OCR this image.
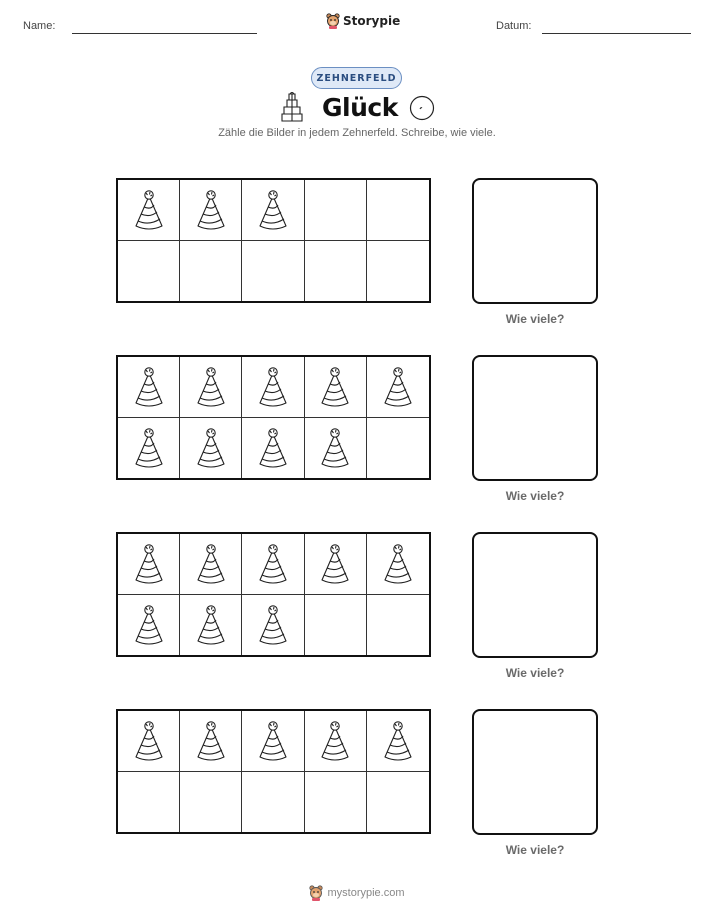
Name:	Storypie	Datum:
ZEHNERFELD
Glück
Zähle die Bilder in jedem Zehnerfeld. Schreibe, wie viele.
Wie viele?
Wie viele?
Wie viele?
Wie viele?
mystorypie.com
